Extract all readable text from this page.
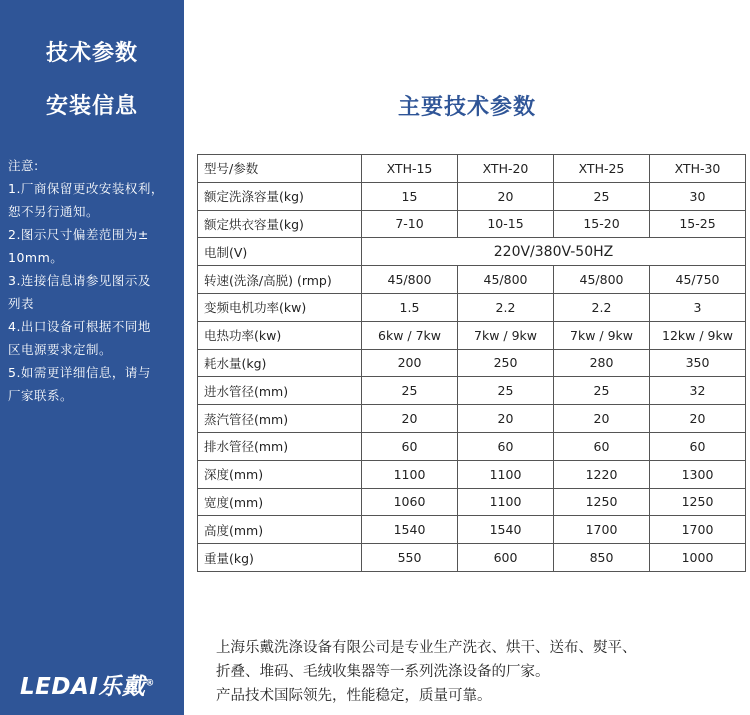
技术参数
安装信息
注意:
1.厂商保留更改安装权利，
恕不另行通知。
2.图示尺寸偏差范围为±
10mm。
3.连接信息请参见图示及
列表
4.出口设备可根据不同地
区电源要求定制。
5.如需更详细信息，请与
厂家联系。
主要技术参数
型号/参数	XTH-15	XTH-20	XTH-25	XTH-30
额定洗涤容量(kg)	15	20	25	30
额定烘衣容量(kg)	7-10	10-15	15-20	15-25
电制(V)	220V/380V-50HZ			
转速(洗涤/高脱) (rmp)	45/800	45/800	45/800	45/750
变频电机功率(kw)	1.5	2.2	2.2	3
电热功率(kw)	6kw / 7kw	7kw / 9kw	7kw / 9kw	12kw / 9kw
耗水量(kg)	200	250	280	350
进水管径(mm)	25	25	25	32
蒸汽管径(mm)	20	20	20	20
排水管径(mm)	60	60	60	60
深度(mm)	1100	1100	1220	1300
宽度(mm)	1060	1100	1250	1250
高度(mm)	1540	1540	1700	1700
重量(kg)	550	600	850	1000
LEDAI乐戴®
上海乐戴洗涤设备有限公司是专业生产洗衣、烘干、送布、熨平、
折叠、堆码、毛绒收集器等一系列洗涤设备的厂家。
产品技术国际领先，性能稳定，质量可靠。
